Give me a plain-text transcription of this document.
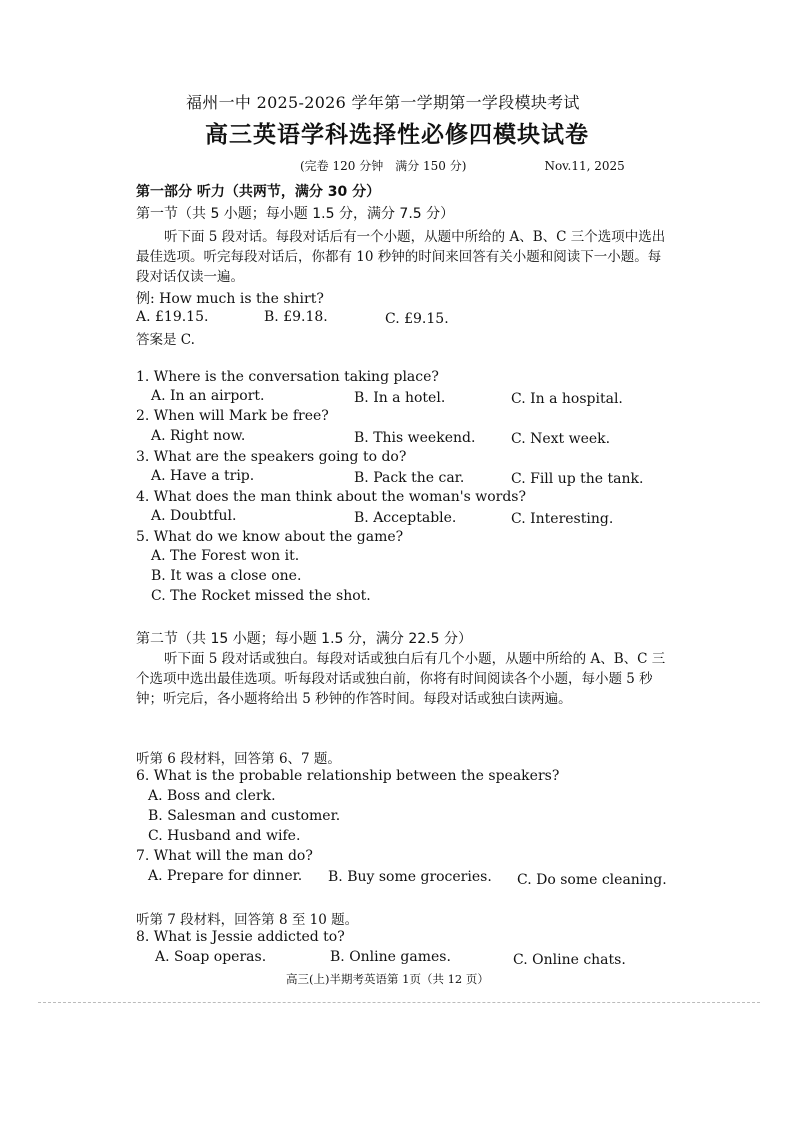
福州一中 2025-2026 学年第一学期第一学段模块考试
高三英语学科选择性必修四模块试卷
(完卷 120 分钟　满分 150 分)	Nov.11, 2025
第一部分 听力（共两节，满分 30 分）
第一节（共 5 小题；每小题 1.5 分，满分 7.5 分）
听下面 5 段对话。每段对话后有一个小题，从题中所给的 A、B、C 三个选项中选出最佳选项。听完每段对话后，你都有 10 秒钟的时间来回答有关小题和阅读下一小题。每段对话仅读一遍。
例: How much is the shirt?
A. £19.15.	B. £9.18.	C. £9.15.
答案是 C.
1. Where is the conversation taking place?
A. In an airport.	B. In a hotel.	C. In a hospital.
2. When will Mark be free?
A. Right now.	B. This weekend.	C. Next week.
3. What are the speakers going to do?
A. Have a trip.	B. Pack the car.	C. Fill up the tank.
4. What does the man think about the woman's words?
A. Doubtful.	B. Acceptable.	C. Interesting.
5. What do we know about the game?
A. The Forest won it.
B. It was a close one.
C. The Rocket missed the shot.
第二节（共 15 小题；每小题 1.5 分，满分 22.5 分）
听下面 5 段对话或独白。每段对话或独白后有几个小题，从题中所给的 A、B、C 三个选项中选出最佳选项。听每段对话或独白前，你将有时间阅读各个小题，每小题 5 秒钟；听完后，各小题将给出 5 秒钟的作答时间。每段对话或独白读两遍。
听第 6 段材料，回答第 6、7 题。
6. What is the probable relationship between the speakers?
A. Boss and clerk.
B. Salesman and customer.
C. Husband and wife.
7. What will the man do?
A. Prepare for dinner. B. Buy some groceries. C. Do some cleaning.
听第 7 段材料，回答第 8 至 10 题。
8. What is Jessie addicted to?
A. Soap operas.	B. Online games.	C. Online chats.
高三(上)半期考英语第 1页（共 12 页）
